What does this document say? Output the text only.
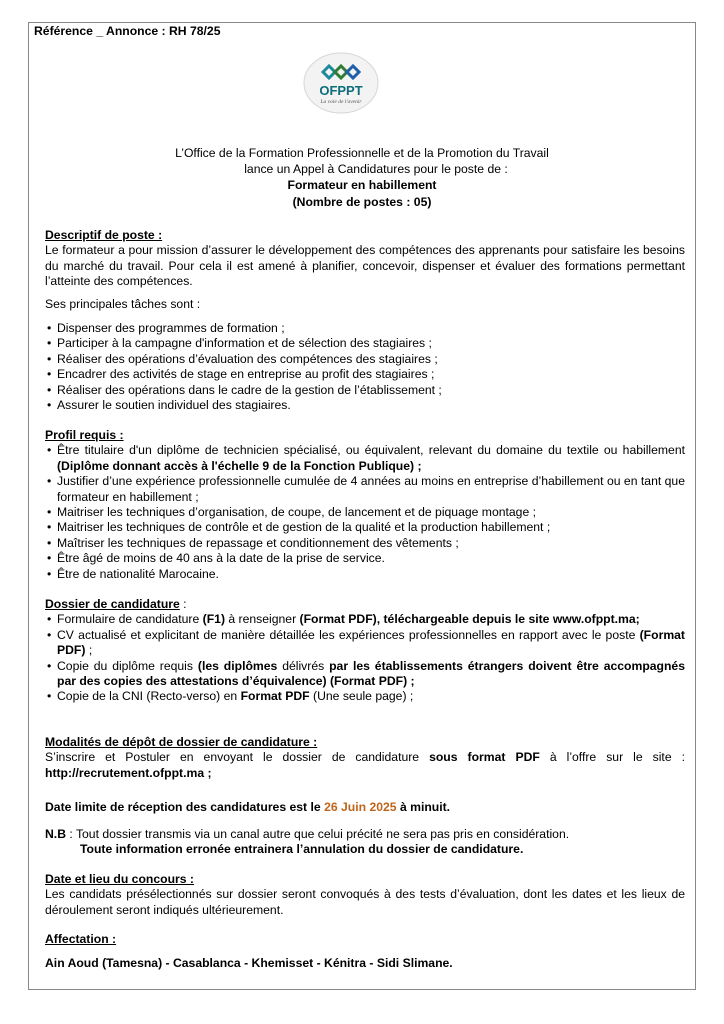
Référence _ Annonce : RH 78/25
OFPPT
La voie de l'avenir
L’Office de la Formation Professionnelle et de la Promotion du Travail
lance un Appel à Candidatures pour le poste de :
Formateur en habillement
(Nombre de postes : 05)
Descriptif de poste :

Le formateur a pour mission d’assurer le développement des compétences des apprenants pour satisfaire les besoins du marché du travail. Pour cela il est amené à planifier, concevoir, dispenser et évaluer des formations permettant l’atteinte des compétences.

Ses principales tâches sont :
• Dispenser des programmes de formation ;
• Participer à la campagne d'information et de sélection des stagiaires ;
• Réaliser des opérations d’évaluation des compétences des stagiaires ;
• Encadrer des activités de stage en entreprise au profit des stagiaires ;
• Réaliser des opérations dans le cadre de la gestion de l’établissement ;
• Assurer le soutien individuel des stagiaires.
Profil requis :
• Être titulaire d'un diplôme de technicien spécialisé, ou équivalent, relevant du domaine du textile ou habillement (Diplôme donnant accès à l'échelle 9 de la Fonction Publique) ;
• Justifier d’une expérience professionnelle cumulée de 4 années au moins en entreprise d’habillement ou en tant que formateur en habillement ;
• Maitriser les techniques d’organisation, de coupe, de lancement et de piquage montage ;
• Maitriser les techniques de contrôle et de gestion de la qualité et la production habillement ;
• Maîtriser les techniques de repassage et conditionnement des vêtements ;
• Être âgé de moins de 40 ans à la date de la prise de service.
• Être de nationalité Marocaine.
Dossier de candidature :
• Formulaire de candidature (F1) à renseigner (Format PDF), téléchargeable depuis le site www.ofppt.ma;
• CV actualisé et explicitant de manière détaillée les expériences professionnelles en rapport avec le poste (Format PDF) ;
• Copie du diplôme requis (les diplômes délivrés par les établissements étrangers doivent être accompagnés par des copies des attestations d’équivalence) (Format PDF) ;
• Copie de la CNI (Recto-verso) en Format PDF (Une seule page) ;
Modalités de dépôt de dossier de candidature :

S’inscrire et Postuler en envoyant le dossier de candidature sous format PDF à l’offre sur le site : http://recrutement.ofppt.ma ;

Date limite de réception des candidatures est le 26 Juin 2025 à minuit.
N.B : Tout dossier transmis via un canal autre que celui précité ne sera pas pris en considération.
Toute information erronée entrainera l’annulation du dossier de candidature.
Date et lieu du concours :

Les candidats présélectionnés sur dossier seront convoqués à des tests d’évaluation, dont les dates et les lieux de déroulement seront indiqués ultérieurement.

Affectation :
Ain Aoud (Tamesna) - Casablanca - Khemisset - Kénitra - Sidi Slimane.
